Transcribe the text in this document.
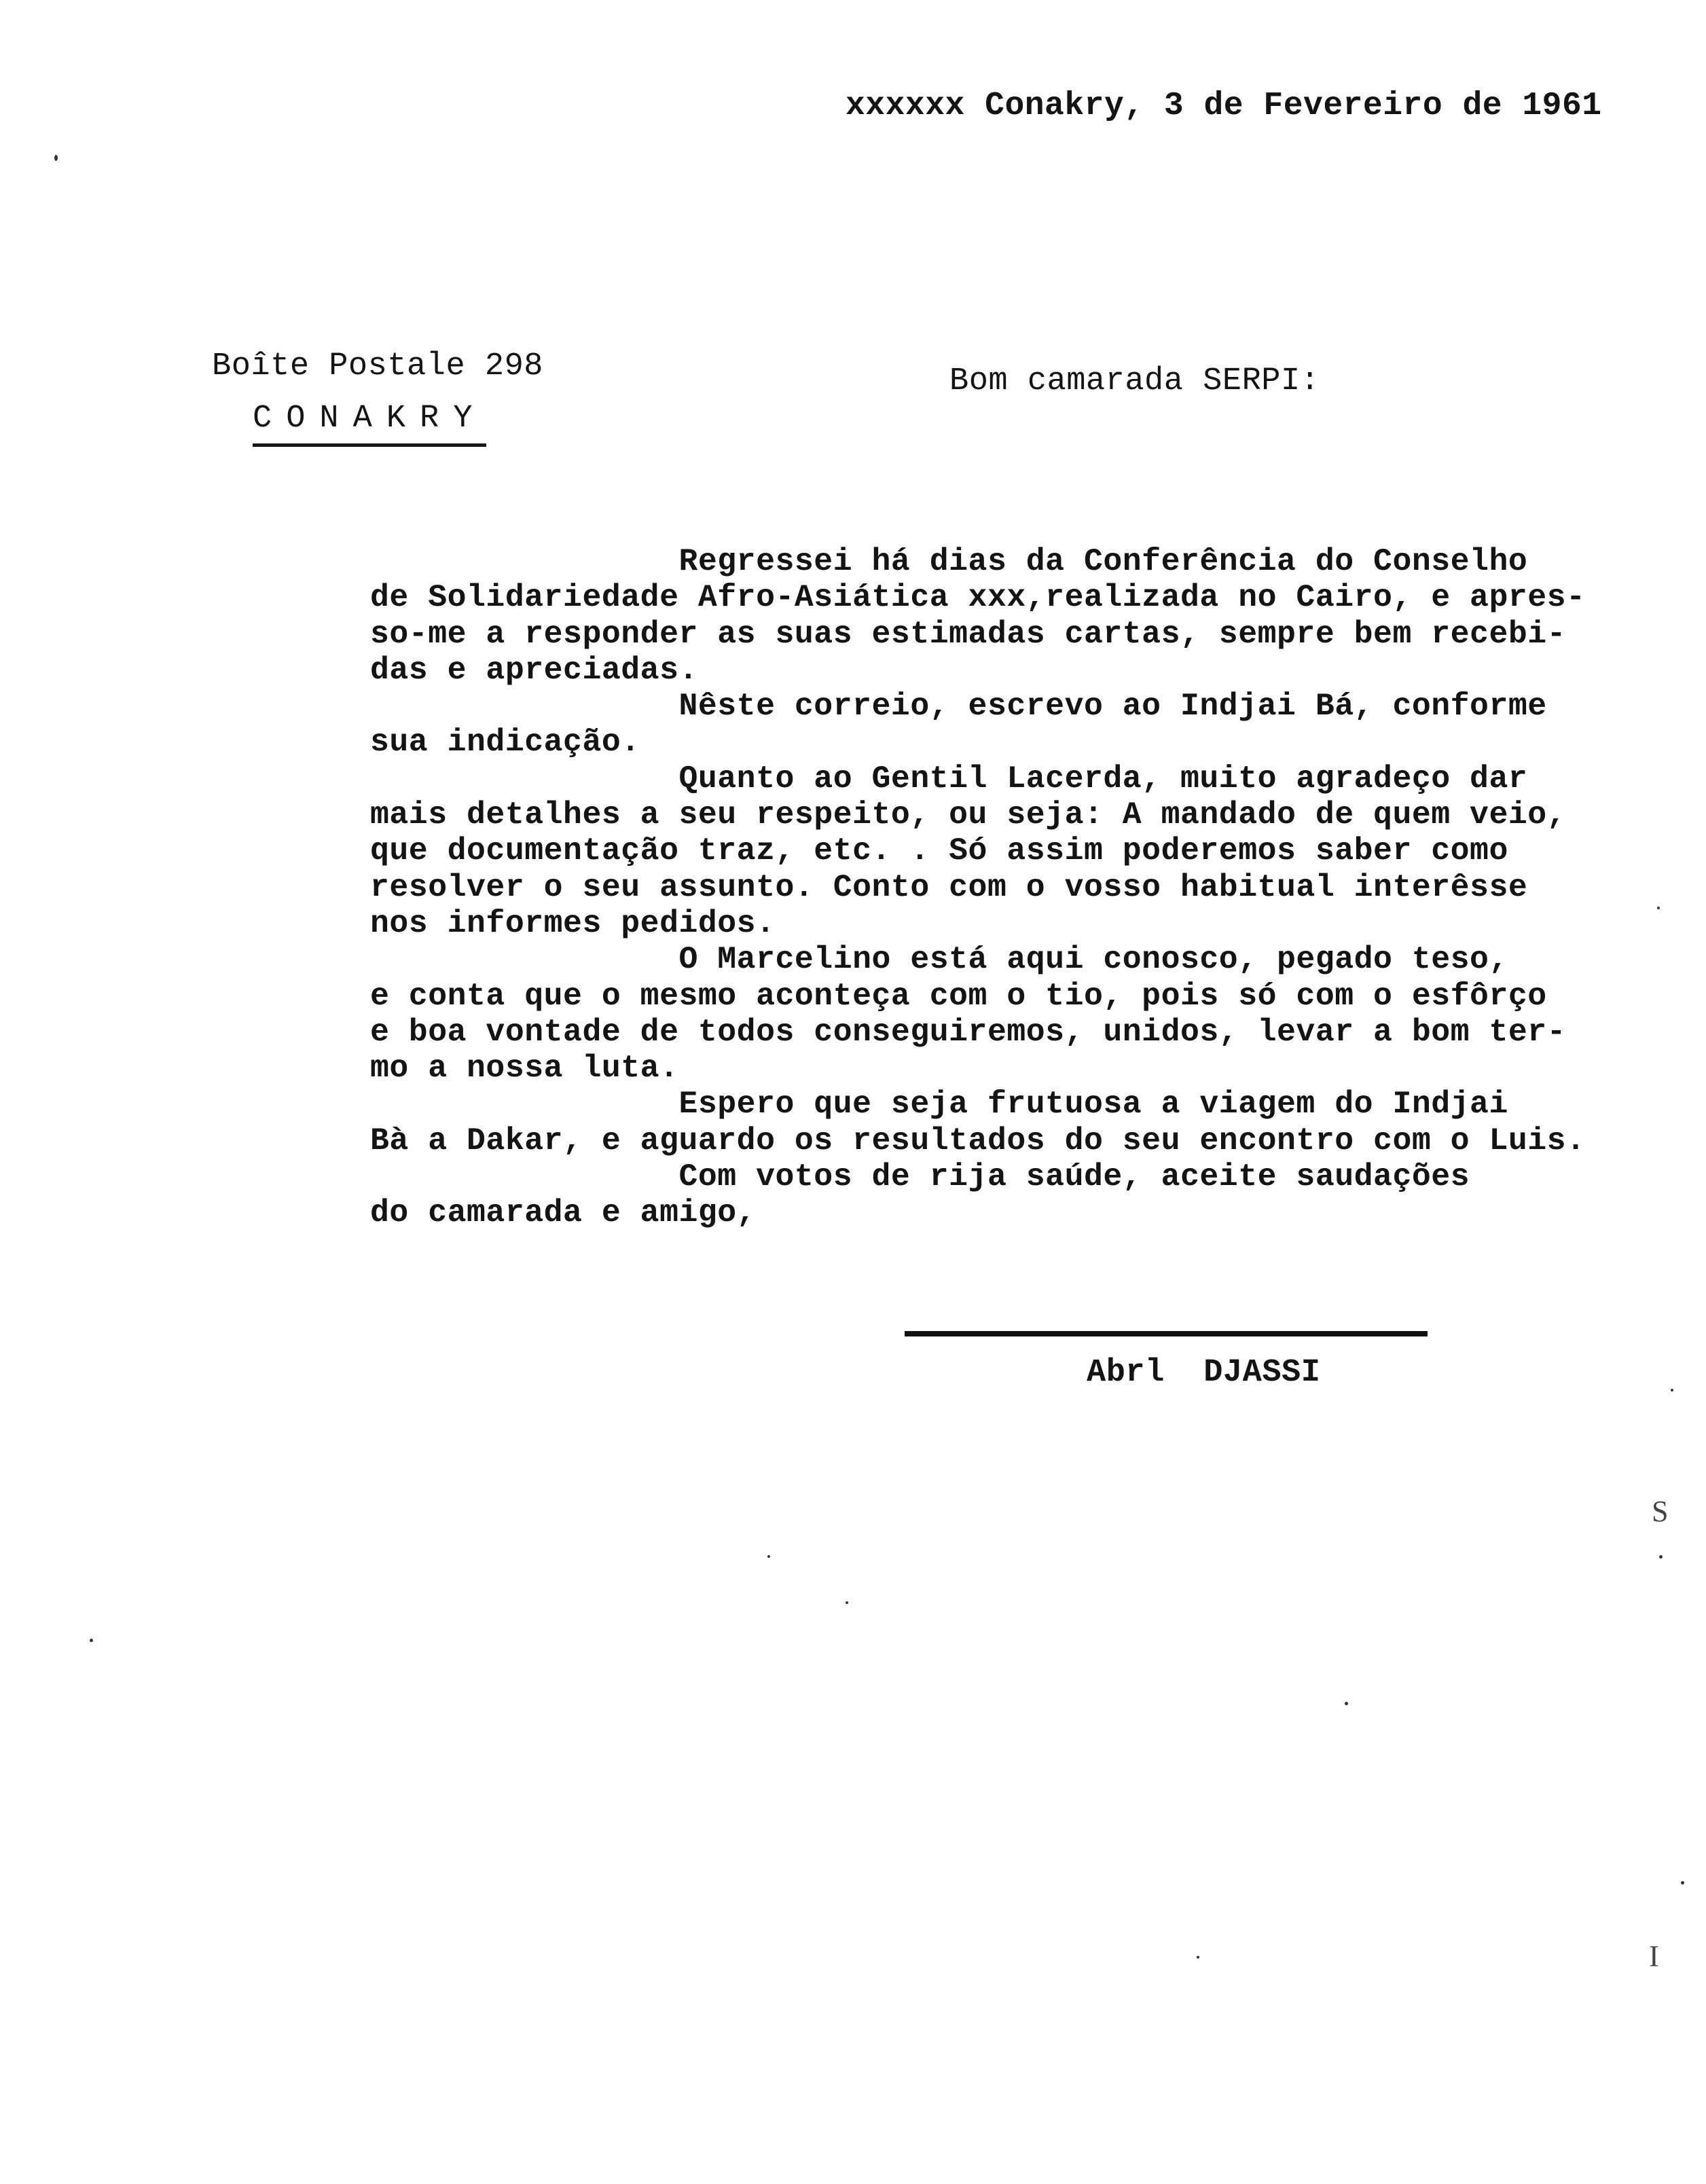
xxxxxx Conakry, 3 de Fevereiro de 1961
Boîte Postale 298
CONAKRY
Bom camarada SERPI:
Regressei há dias da Conferência do Conselho
de Solidariedade Afro-Asiática xxx,realizada no Cairo, e apres-
so-me a responder as suas estimadas cartas, sempre bem recebi-
das e apreciadas.
Nêste correio, escrevo ao Indjai Bá, conforme
sua indicação.
Quanto ao Gentil Lacerda, muito agradeço dar
mais detalhes a seu respeito, ou seja: A mandado de quem veio,
que documentação traz, etc. . Só assim poderemos saber como
resolver o seu assunto. Conto com o vosso habitual interêsse
nos informes pedidos.
O Marcelino está aqui conosco, pegado teso,
e conta que o mesmo aconteça com o tio, pois só com o esfôrço
e boa vontade de todos conseguiremos, unidos, levar a bom ter-
mo a nossa luta.
Espero que seja frutuosa a viagem do Indjai
Bà a Dakar, e aguardo os resultados do seu encontro com o Luis.
Com votos de rija saúde, aceite saudações
do camarada e amigo,
Abrl  DJASSI
S
I
